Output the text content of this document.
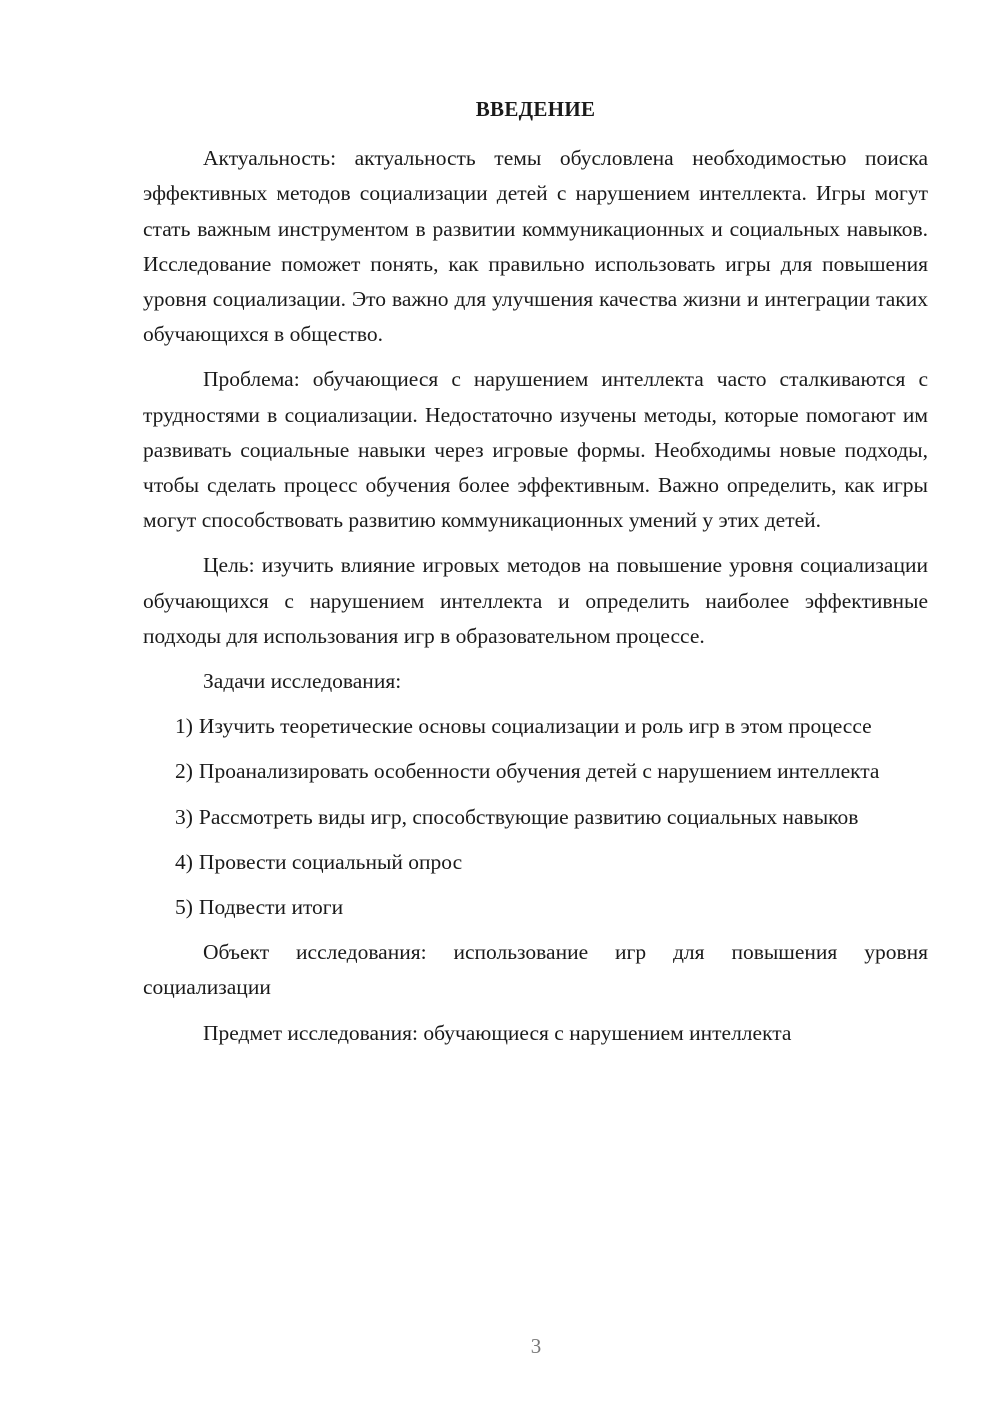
ВВЕДЕНИЕ

Актуальность: актуальность темы обусловлена необходимостью поиска эффективных методов социализации детей с нарушением интеллекта. Игры могут стать важным инструментом в развитии коммуникационных и социальных навыков. Исследование поможет понять, как правильно использовать игры для повышения уровня социализации. Это важно для улучшения качества жизни и интеграции таких обучающихся в общество.

Проблема: обучающиеся с нарушением интеллекта часто сталкиваются с трудностями в социализации. Недостаточно изучены методы, которые помогают им развивать социальные навыки через игровые формы. Необходимы новые подходы, чтобы сделать процесс обучения более эффективным. Важно определить, как игры могут способствовать развитию коммуникационных умений у этих детей.

Цель: изучить влияние игровых методов на повышение уровня социализации обучающихся с нарушением интеллекта и определить наиболее эффективные подходы для использования игр в образовательном процессе.

Задачи исследования:

1) Изучить теоретические основы социализации и роль игр в этом процессе
2) Проанализировать особенности обучения детей с нарушением интеллекта
3) Рассмотреть виды игр, способствующие развитию социальных навыков
4) Провести социальный опрос
5) Подвести итоги

Объект исследования: использование игр для повышения уровня социализации

Предмет исследования: обучающиеся с нарушением интеллекта

3
